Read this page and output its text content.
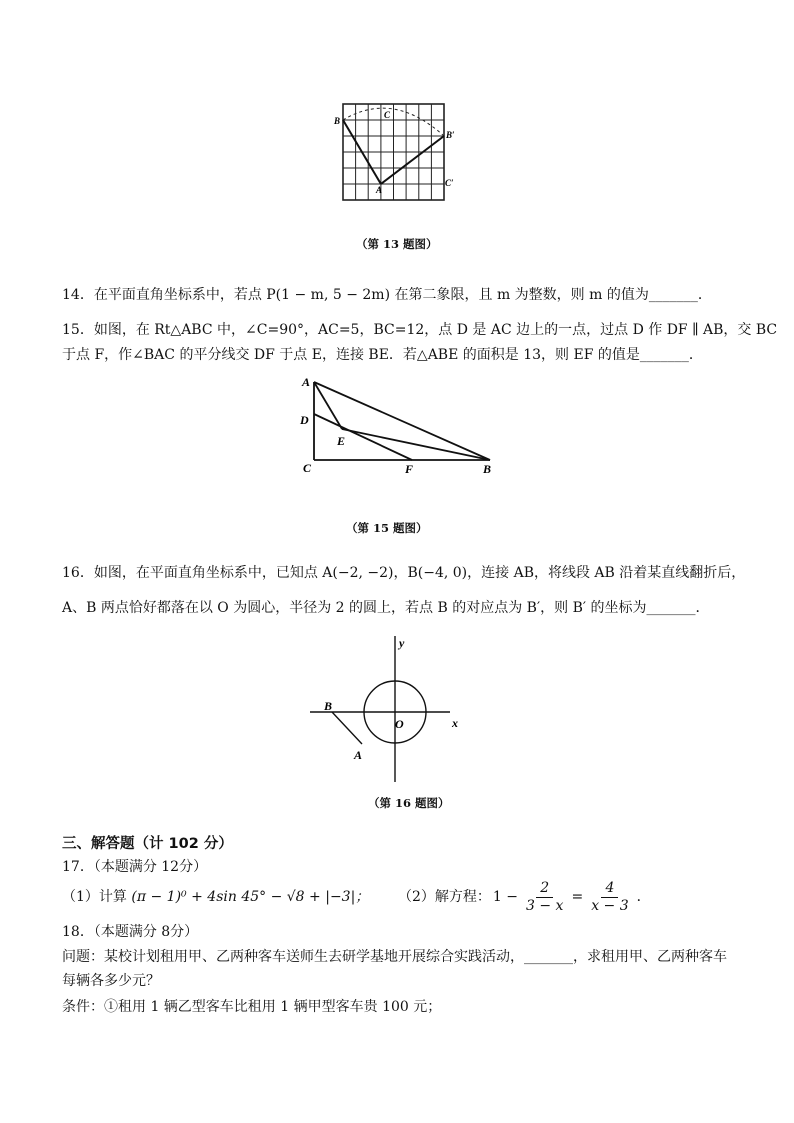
B
C
B′
A
C′
（第 13 题图）
14．在平面直角坐标系中，若点 P(1 − m, 5 − 2m) 在第二象限，且 m 为整数，则 m 的值为_______．
15．如图，在 Rt△ABC 中，∠C=90°，AC=5，BC=12，点 D 是 AC 边上的一点，过点 D 作 DF ∥ AB，交 BC
于点 F，作∠BAC 的平分线交 DF 于点 E，连接 BE．若△ABE 的面积是 13，则 EF 的值是_______．
A
D
E
C	F	B
（第 15 题图）
16．如图，在平面直角坐标系中，已知点 A(−2, −2)，B(−4, 0)，连接 AB，将线段 AB 沿着某直线翻折后，
A、B 两点恰好都落在以 O 为圆心，半径为 2 的圆上，若点 B 的对应点为 B′，则 B′ 的坐标为_______．
y
x
O
B
A
（第 16 题图）
三、解答题（计 102 分）
17．（本题满分 12分）
（1）计算 (π − 1)⁰ + 4sin 45° − √8 + |−3|； （2）解方程： $1 - \frac{2}{3 - x} = \frac{4}{x - 3}$ ．
18．（本题满分 8分）
问题：某校计划租用甲、乙两种客车送师生去研学基地开展综合实践活动，_______，求租用甲、乙两种客车
每辆各多少元？
条件：①租用 1 辆乙型客车比租用 1 辆甲型客车贵 100 元；
